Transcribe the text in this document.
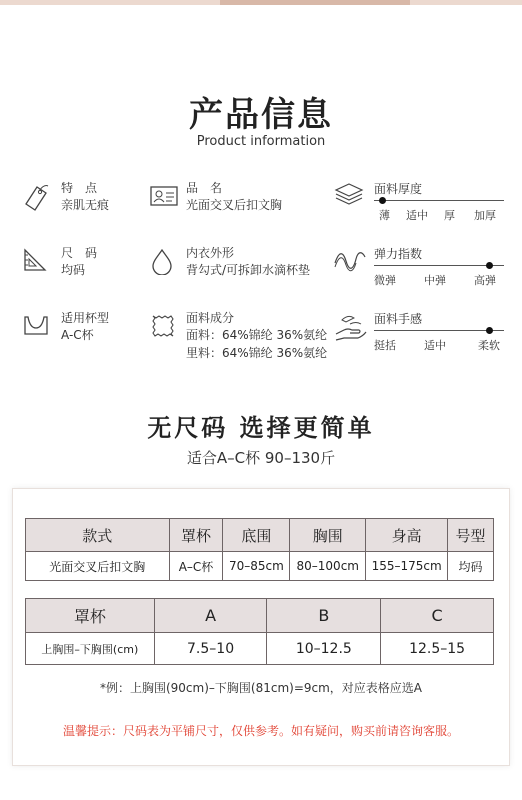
产品信息
Product information
特　点
亲肌无痕
品　名
光面交叉后扣文胸
面料厚度
薄 适中 厚 加厚
尺　码
均码
内衣外形
背勾式/可拆卸水滴杯垫
弹力指数
微弹	中弹	高弹
适用杯型
A-C杯
面料成分
面料：64%锦纶 36%氨纶
里料：64%锦纶 36%氨纶
面料手感
挺括	适中	柔软
无尺码 选择更简单
适合A–C杯 90–130斤
款式	罩杯	底围	胸围	身高	号型
光面交叉后扣文胸	A–C杯	70–85cm	80–100cm	155–175cm	均码
罩杯	A	B	C
上胸围–下胸围(cm)	7.5–10	10–12.5	12.5–15
*例：上胸围(90cm)–下胸围(81cm)=9cm，对应表格应选A
温馨提示：尺码表为平铺尺寸，仅供参考。如有疑问，购买前请咨询客服。
